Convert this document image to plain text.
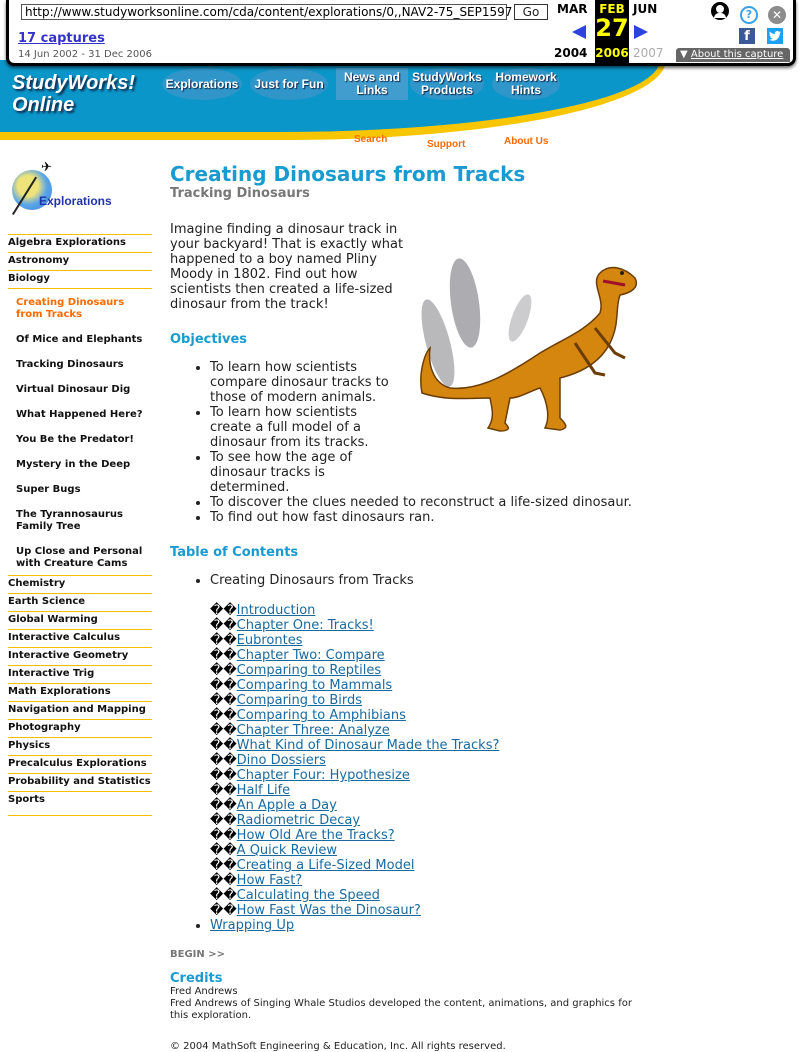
http://www.studyworksonline.com/cda/content/explorations/0,,NAV2-75_SEP1597 Go
17 captures
14 Jun 2002 - 31 Dec 2006
MAR
2004
FEB
27
2006
JUN
2007
?	✕
f
▼ About this capture
StudyWorks!
Online
Explorations	Just for Fun	News and Links
StudyWorks Products
Homework Hints
Search	Support	About Us
✈
Explorations
Algebra Explorations
Astronomy
Biology
Creating Dinosaurs from Tracks
Of Mice and Elephants
Tracking Dinosaurs
Virtual Dinosaur Dig
What Happened Here?
You Be the Predator!
Mystery in the Deep
Super Bugs
The Tyrannosaurus Family Tree
Up Close and Personal with Creature Cams
Chemistry
Earth Science
Global Warming
Interactive Calculus
Interactive Geometry
Interactive Trig
Math Explorations
Navigation and Mapping
Photography
Physics
Precalculus Explorations
Probability and Statistics
Sports
Creating Dinosaurs from Tracks
Tracking Dinosaurs
Imagine finding a dinosaur track in your backyard! That is exactly what happened to a boy named Pliny Moody in 1802. Find out how scientists then created a life-sized dinosaur from the track!
Objectives
• To learn how scientists compare dinosaur tracks to those of modern animals.
• To learn how scientists create a full model of a dinosaur from its tracks.
• To see how the age of dinosaur tracks is determined.
• To discover the clues needed to reconstruct a life-sized dinosaur.
• To find out how fast dinosaurs ran.
Table of Contents
• Creating Dinosaurs from Tracks
��Introduction
��Chapter One: Tracks!
��Eubrontes
��Chapter Two: Compare
��Comparing to Reptiles
��Comparing to Mammals
��Comparing to Birds
��Comparing to Amphibians
��Chapter Three: Analyze
��What Kind of Dinosaur Made the Tracks?
��Dino Dossiers
��Chapter Four: Hypothesize
��Half Life
��An Apple a Day
��Radiometric Decay
��How Old Are the Tracks?
��A Quick Review
��Creating a Life-Sized Model
��How Fast?
��Calculating the Speed
��How Fast Was the Dinosaur?
• Wrapping Up
BEGIN >>
Credits
Fred Andrews
Fred Andrews of Singing Whale Studios developed the content, animations, and graphics for this exploration.
© 2004 MathSoft Engineering & Education, Inc. All rights reserved.
